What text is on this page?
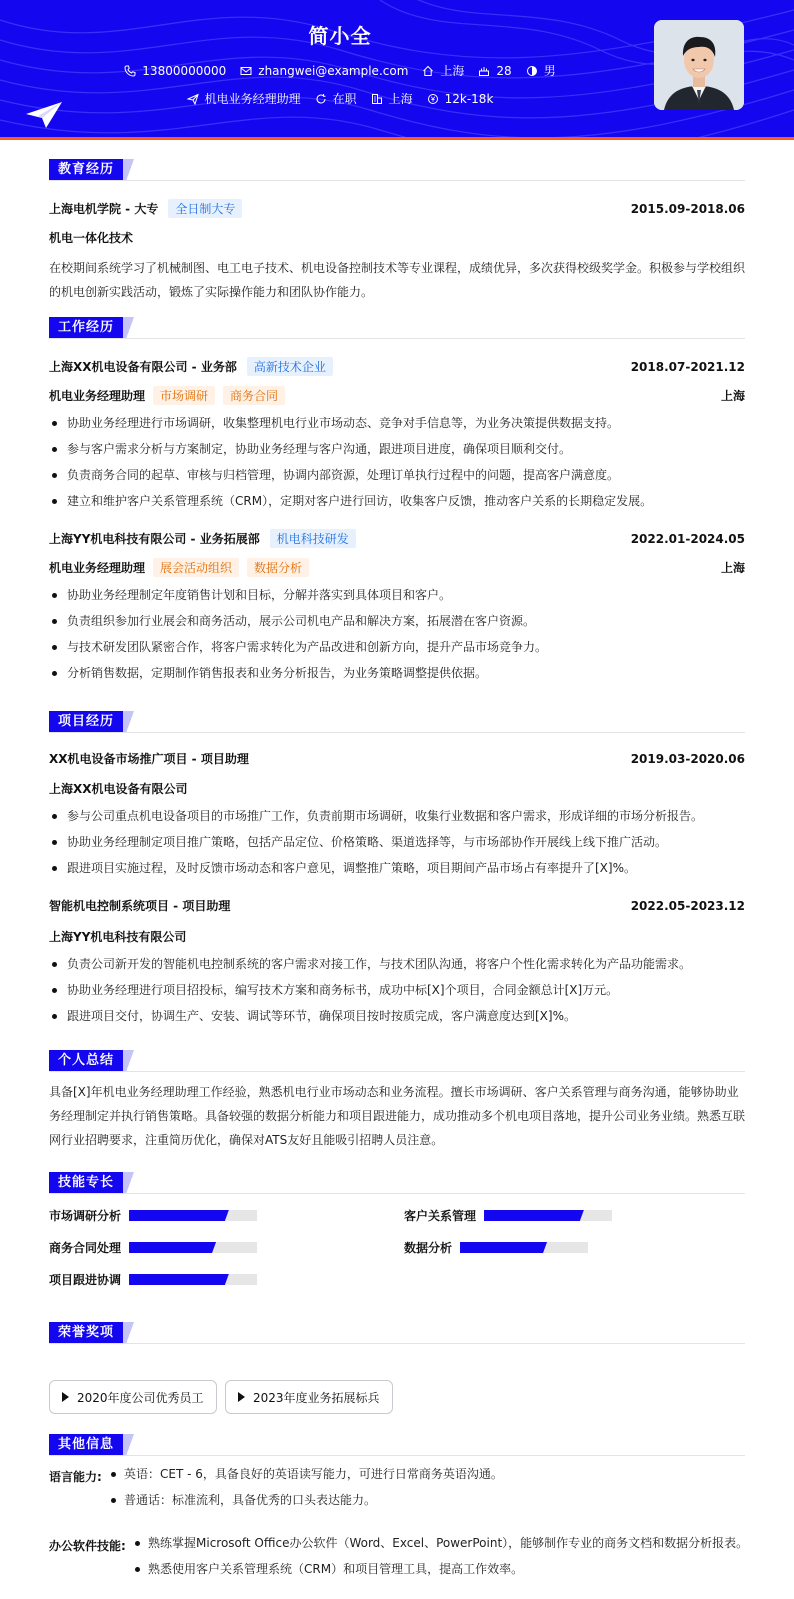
简小全
13800000000	zhangwei@example.com	上海	28	男
机电业务经理助理	在职	上海	12k-18k
教育经历
上海电机学院 - 大专	全日制大专	2015.09-2018.06
机电一体化技术
在校期间系统学习了机械制图、电工电子技术、机电设备控制技术等专业课程，成绩优异，多次获得校级奖学金。积极参与学校组织的机电创新实践活动，锻炼了实际操作能力和团队协作能力。
工作经历
上海XX机电设备有限公司 - 业务部	高新技术企业	2018.07-2021.12
机电业务经理助理	市场调研	商务合同	上海
协助业务经理进行市场调研，收集整理机电行业市场动态、竞争对手信息等，为业务决策提供数据支持。
参与客户需求分析与方案制定，协助业务经理与客户沟通，跟进项目进度，确保项目顺利交付。
负责商务合同的起草、审核与归档管理，协调内部资源，处理订单执行过程中的问题，提高客户满意度。
建立和维护客户关系管理系统（CRM），定期对客户进行回访，收集客户反馈，推动客户关系的长期稳定发展。
上海YY机电科技有限公司 - 业务拓展部	机电科技研发	2022.01-2024.05
机电业务经理助理	展会活动组织	数据分析	上海
协助业务经理制定年度销售计划和目标，分解并落实到具体项目和客户。
负责组织参加行业展会和商务活动，展示公司机电产品和解决方案，拓展潜在客户资源。
与技术研发团队紧密合作，将客户需求转化为产品改进和创新方向，提升产品市场竞争力。
分析销售数据，定期制作销售报表和业务分析报告，为业务策略调整提供依据。
项目经历
XX机电设备市场推广项目 - 项目助理	2019.03-2020.06
上海XX机电设备有限公司
参与公司重点机电设备项目的市场推广工作，负责前期市场调研，收集行业数据和客户需求，形成详细的市场分析报告。
协助业务经理制定项目推广策略，包括产品定位、价格策略、渠道选择等，与市场部协作开展线上线下推广活动。
跟进项目实施过程，及时反馈市场动态和客户意见，调整推广策略，项目期间产品市场占有率提升了[X]%。
智能机电控制系统项目 - 项目助理	2022.05-2023.12
上海YY机电科技有限公司
负责公司新开发的智能机电控制系统的客户需求对接工作，与技术团队沟通，将客户个性化需求转化为产品功能需求。
协助业务经理进行项目招投标，编写技术方案和商务标书，成功中标[X]个项目，合同金额总计[X]万元。
跟进项目交付，协调生产、安装、调试等环节，确保项目按时按质完成，客户满意度达到[X]%。
个人总结
具备[X]年机电业务经理助理工作经验，熟悉机电行业市场动态和业务流程。擅长市场调研、客户关系管理与商务沟通，能够协助业务经理制定并执行销售策略。具备较强的数据分析能力和项目跟进能力，成功推动多个机电项目落地，提升公司业务业绩。熟悉互联网行业招聘要求，注重简历优化，确保对ATS友好且能吸引招聘人员注意。
技能专长
市场调研分析	客户关系管理
商务合同处理	数据分析
项目跟进协调
荣誉奖项
2020年度公司优秀员工	2023年度业务拓展标兵
其他信息
语言能力:	英语：CET - 6，具备良好的英语读写能力，可进行日常商务英语沟通。
普通话：标准流利，具备优秀的口头表达能力。
办公软件技能:	熟练掌握Microsoft Office办公软件（Word、Excel、PowerPoint），能够制作专业的商务文档和数据分析报表。
熟悉使用客户关系管理系统（CRM）和项目管理工具，提高工作效率。
